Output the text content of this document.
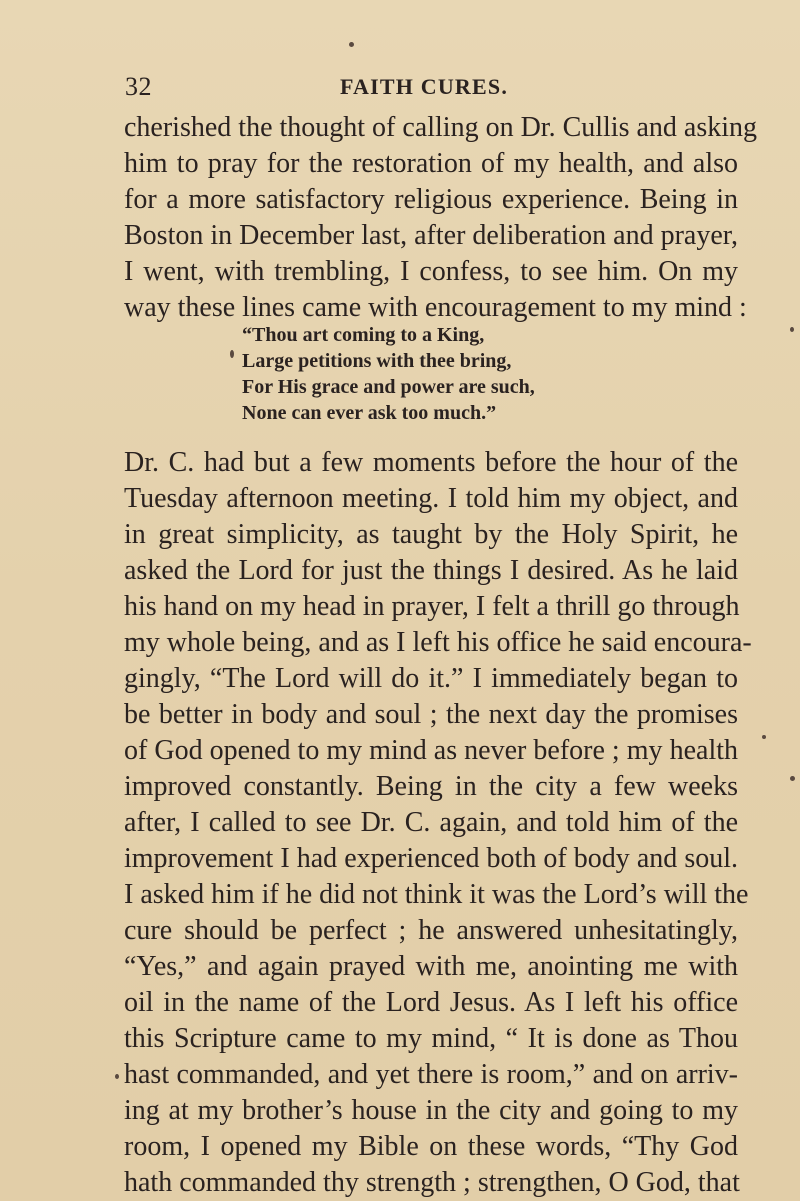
32	FAITH CURES.
cherished the thought of calling on Dr. Cullis and asking
him to pray for the restoration of my health, and also
for a more satisfactory religious experience. Being in
Boston in December last, after deliberation and prayer,
I went, with trembling, I confess, to see him. On my
way these lines came with encouragement to my mind :
“Thou art coming to a King,
Large petitions with thee bring,
For His grace and power are such,
None can ever ask too much.”
Dr. C. had but a few moments before the hour of the
Tuesday afternoon meeting. I told him my object, and
in great simplicity, as taught by the Holy Spirit, he
asked the Lord for just the things I desired. As he laid
his hand on my head in prayer, I felt a thrill go through
my whole being, and as I left his office he said encoura-
gingly, “The Lord will do it.” I immediately began to
be better in body and soul ; the next day the promises
of God opened to my mind as never before ; my health
improved constantly. Being in the city a few weeks
after, I called to see Dr. C. again, and told him of the
improvement I had experienced both of body and soul.
I asked him if he did not think it was the Lord’s will the
cure should be perfect ; he answered unhesitatingly,
“Yes,” and again prayed with me, anointing me with
oil in the name of the Lord Jesus. As I left his office
this Scripture came to my mind, “ It is done as Thou
hast commanded, and yet there is room,” and on arriv-
ing at my brother’s house in the city and going to my
room, I opened my Bible on these words, “Thy God
hath commanded thy strength ; strengthen, O God, that
